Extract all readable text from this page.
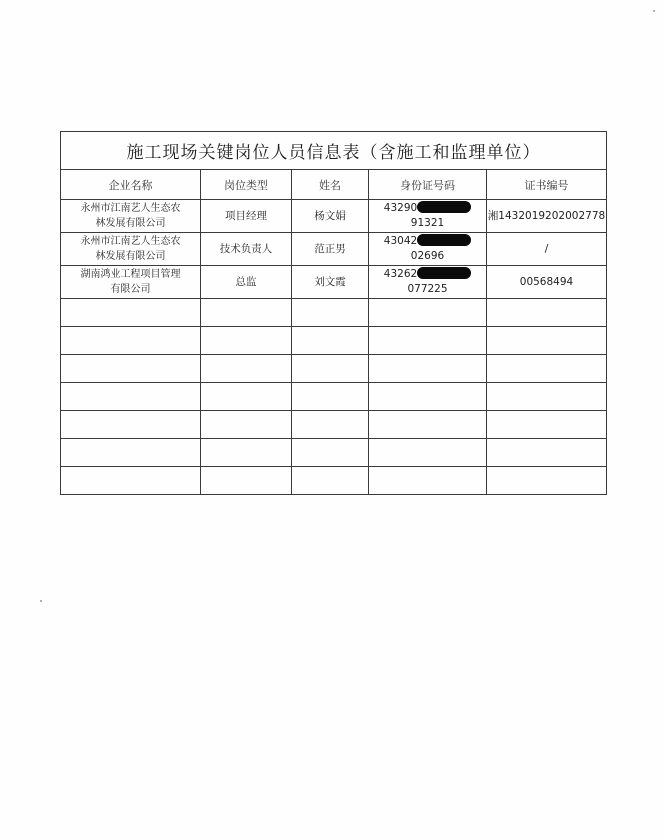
施工现场关键岗位人员信息表（含施工和监理单位）				
企业名称	岗位类型	姓名	身份证号码	证书编号

永州市江南艺人生态农
林发展有限公司	项目经理	杨文娟	4329091321	湘1432019202002778

永州市江南艺人生态农
林发展有限公司	技术负责人	范正男	4304202696	/

湖南鸿业工程项目管理
有限公司	总监	刘文霞	43262077225	00568494
